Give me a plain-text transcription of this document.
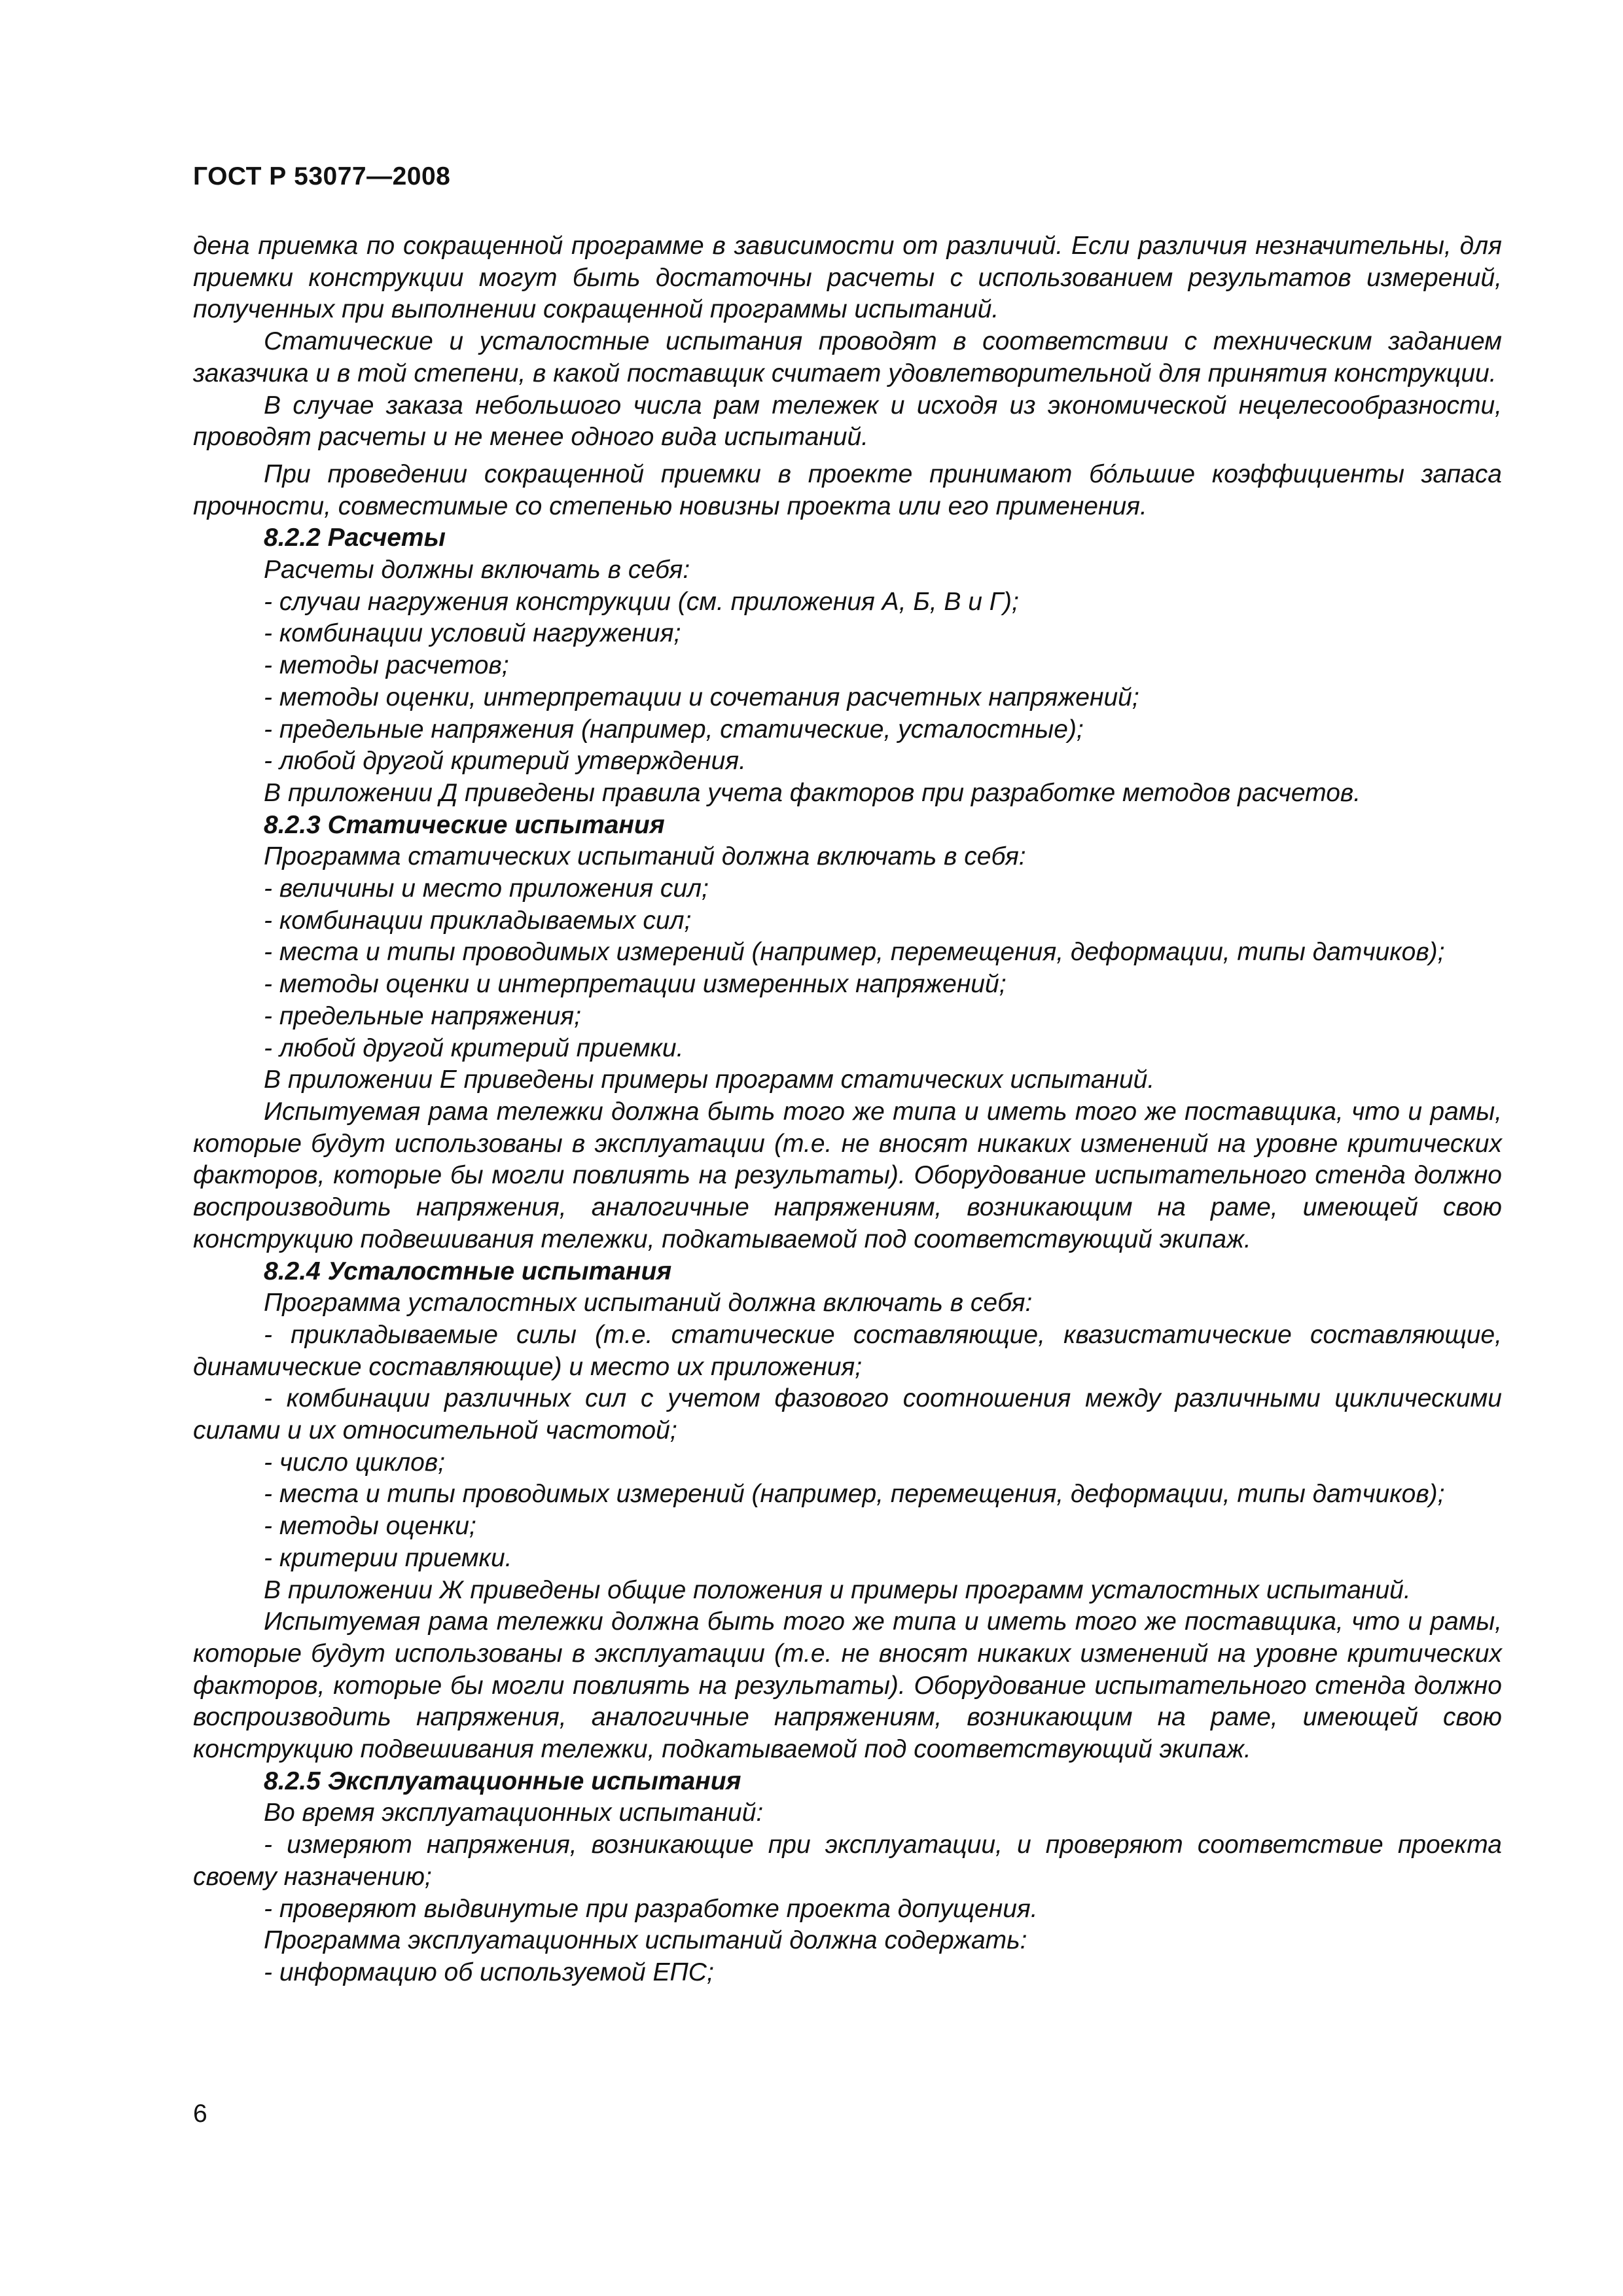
ГОСТ Р 53077—2008

дена приемка по сокращенной программе в зависимости от различий. Если различия незначительны, для приемки конструкции могут быть достаточны расчеты с использованием результатов измерений, полученных при выполнении сокращенной программы испытаний.

Статические и усталостные испытания проводят в соответствии с техническим заданием заказчика и в той степени, в какой поставщик считает удовлетворительной для принятия конструкции.

В случае заказа небольшого числа рам тележек и исходя из экономической нецелесообразности, проводят расчеты и не менее одного вида испытаний.

При проведении сокращенной приемки в проекте принимают бо́льшие коэффициенты запаса прочности, совместимые со степенью новизны проекта или его применения.

8.2.2 Расчеты

Расчеты должны включать в себя:

- случаи нагружения конструкции (см. приложения А, Б, В и Г);

- комбинации условий нагружения;

- методы расчетов;

- методы оценки, интерпретации и сочетания расчетных напряжений;

- предельные напряжения (например, статические, усталостные);

- любой другой критерий утверждения.

В приложении Д приведены правила учета факторов при разработке методов расчетов.

8.2.3 Статические испытания

Программа статических испытаний должна включать в себя:

- величины и место приложения сил;

- комбинации прикладываемых сил;

- места и типы проводимых измерений (например, перемещения, деформации, типы датчиков);

- методы оценки и интерпретации измеренных напряжений;

- предельные напряжения;

- любой другой критерий приемки.

В приложении Е приведены примеры программ статических испытаний.

Испытуемая рама тележки должна быть того же типа и иметь того же поставщика, что и рамы, которые будут использованы в эксплуатации (т.е. не вносят никаких изменений на уровне критических факторов, которые бы могли повлиять на результаты). Оборудование испытательного стенда должно воспроизводить напряжения, аналогичные напряжениям, возникающим на раме, имеющей свою конструкцию подвешивания тележки, подкатываемой под соответствующий экипаж.

8.2.4 Усталостные испытания

Программа усталостных испытаний должна включать в себя:

- прикладываемые силы (т.е. статические составляющие, квазистатические составляющие, динамические составляющие) и место их приложения;

- комбинации различных сил с учетом фазового соотношения между различными циклическими силами и их относительной частотой;

- число циклов;

- места и типы проводимых измерений (например, перемещения, деформации, типы датчиков);

- методы оценки;

- критерии приемки.

В приложении Ж приведены общие положения и примеры программ усталостных испытаний.

Испытуемая рама тележки должна быть того же типа и иметь того же поставщика, что и рамы, которые будут использованы в эксплуатации (т.е. не вносят никаких изменений на уровне критических факторов, которые бы могли повлиять на результаты). Оборудование испытательного стенда должно воспроизводить напряжения, аналогичные напряжениям, возникающим на раме, имеющей свою конструкцию подвешивания тележки, подкатываемой под соответствующий экипаж.

8.2.5 Эксплуатационные испытания

Во время эксплуатационных испытаний:

- измеряют напряжения, возникающие при эксплуатации, и проверяют соответствие проекта своему назначению;

- проверяют выдвинутые при разработке проекта допущения.

Программа эксплуатационных испытаний должна содержать:

- информацию об используемой ЕПС;

6
